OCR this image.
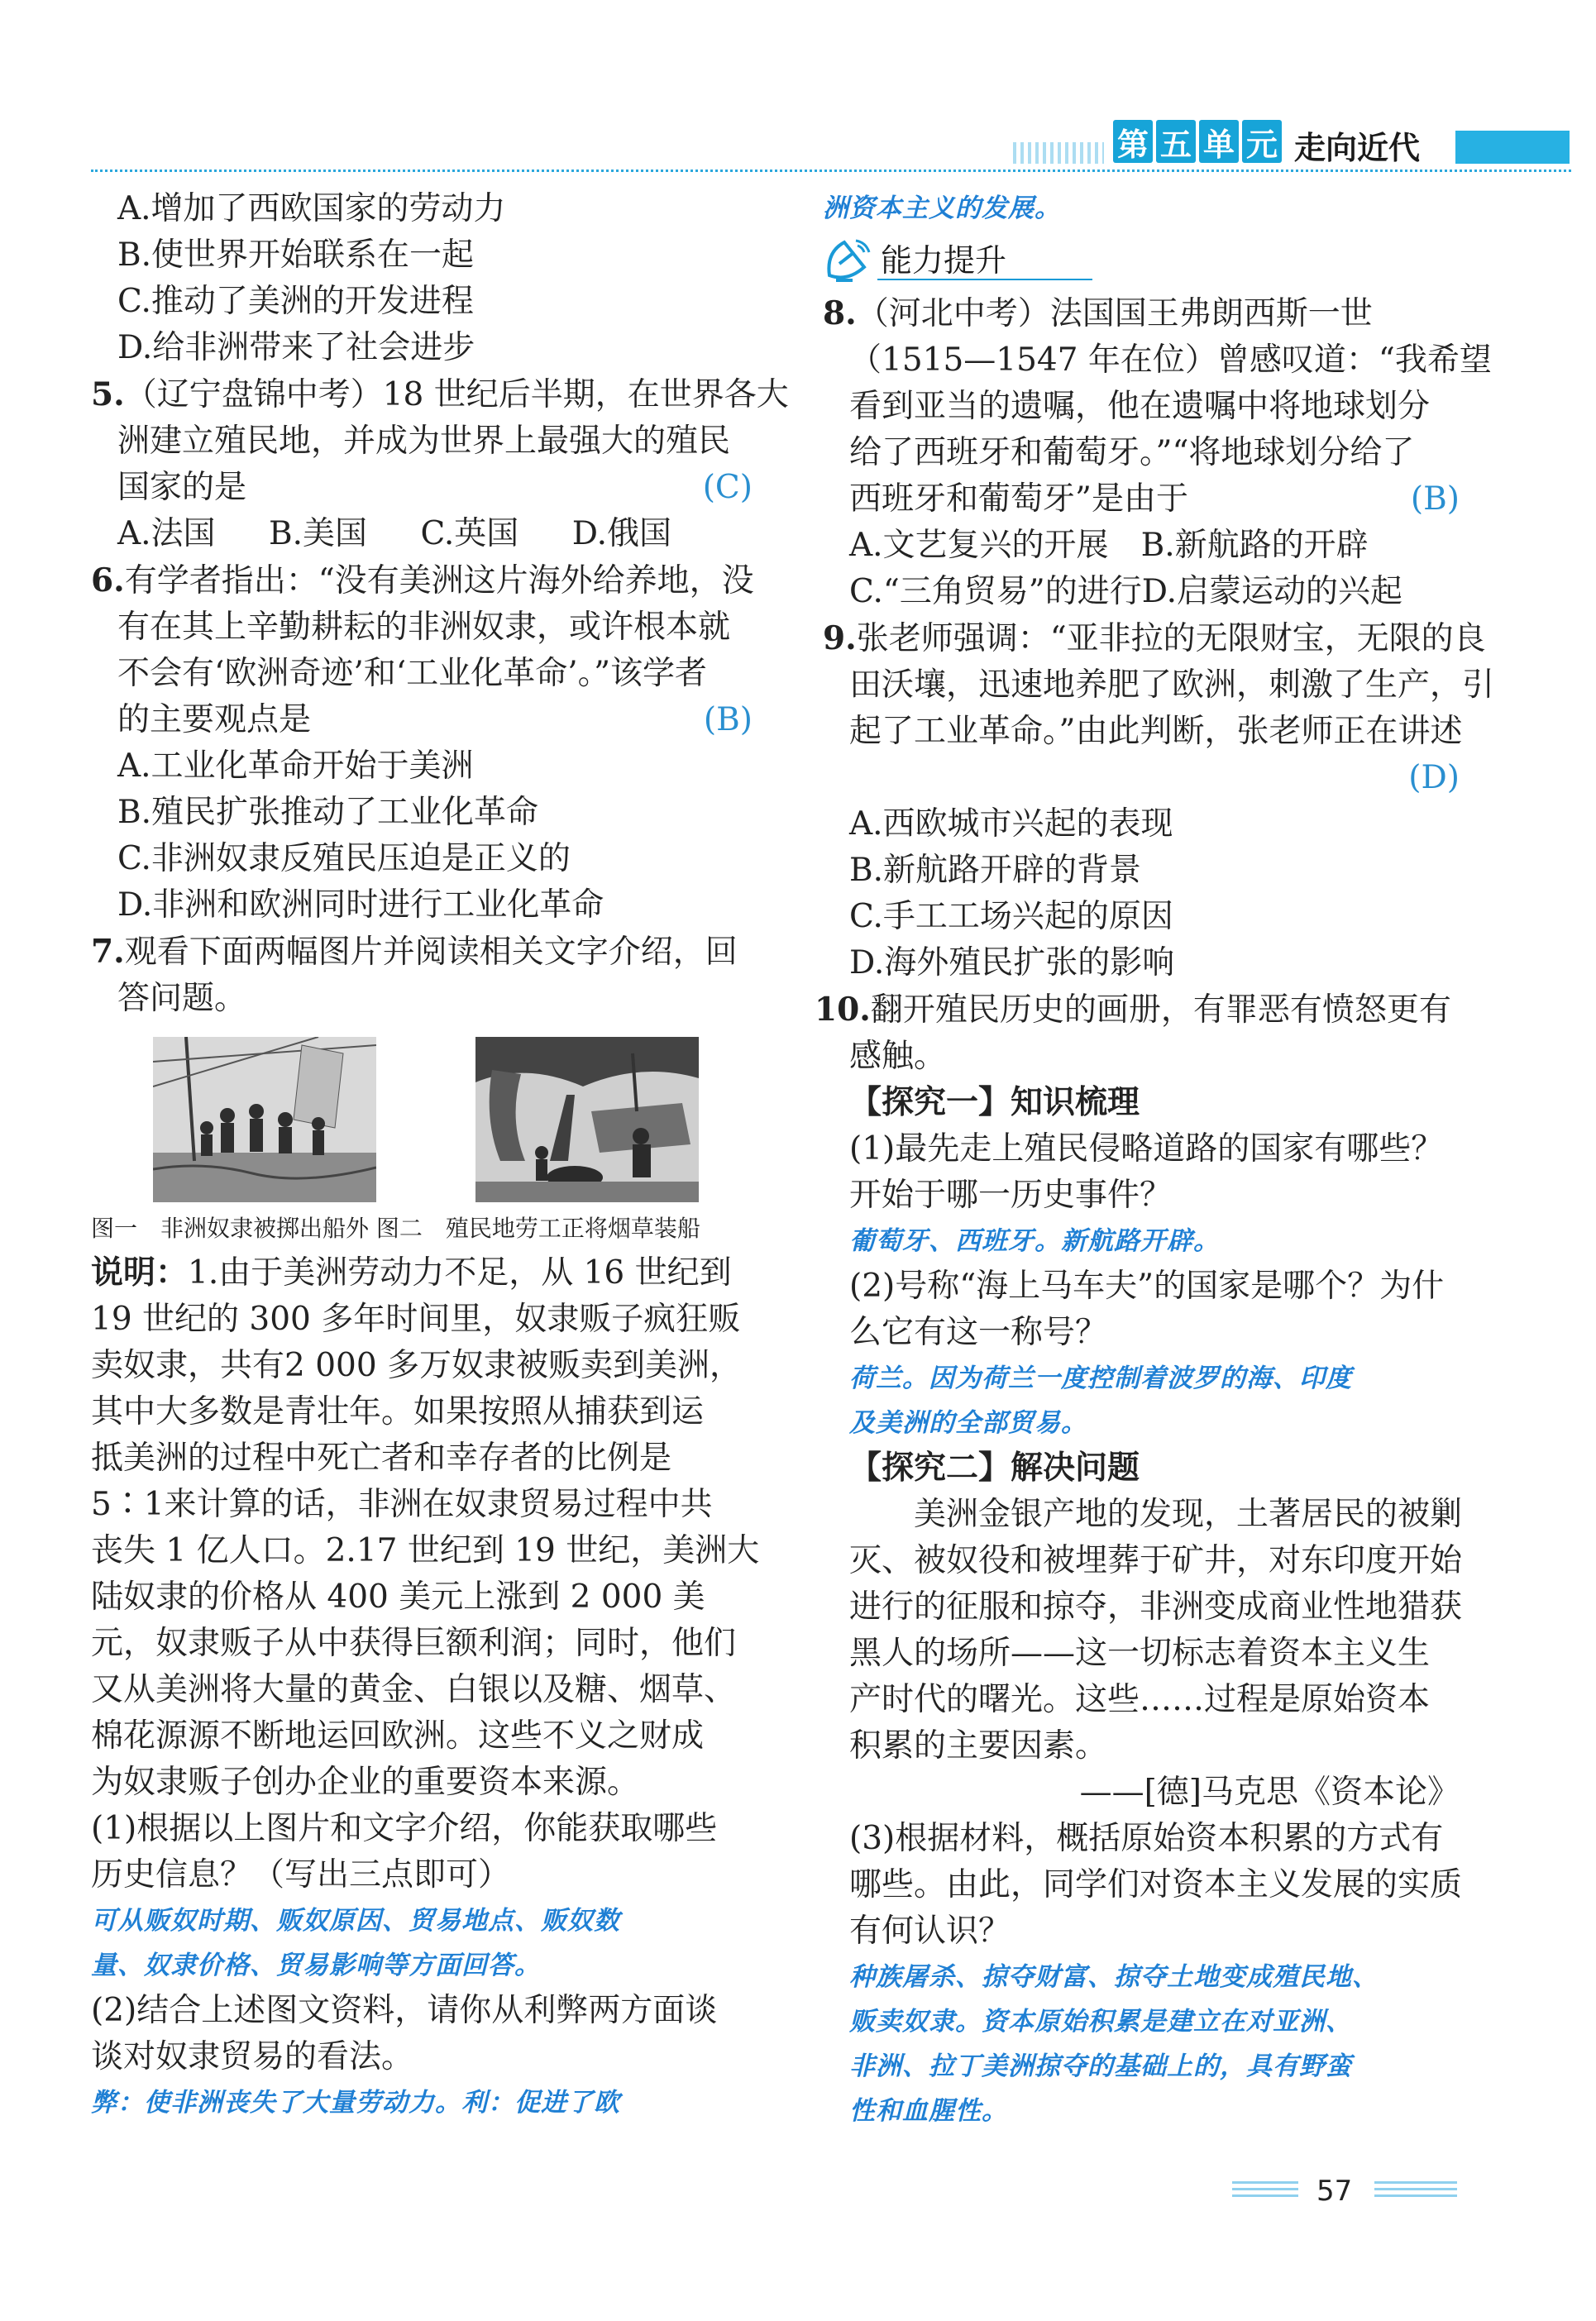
第 五 单 元 走向近代
A.增加了西欧国家的劳动力
B.使世界开始联系在一起
C.推动了美洲的开发进程
D.给非洲带来了社会进步
5.（辽宁盘锦中考）18 世纪后半期，在世界各大
洲建立殖民地，并成为世界上最强大的殖民
国家的是	(C)
A.法国 B.美国 C.英国 D.俄国
6.有学者指出：“没有美洲这片海外给养地，没
有在其上辛勤耕耘的非洲奴隶，或许根本就
不会有‘欧洲奇迹’和‘工业化革命’。”该学者
的主要观点是	(B)
A.工业化革命开始于美洲
B.殖民扩张推动了工业化革命
C.非洲奴隶反殖民压迫是正义的
D.非洲和欧洲同时进行工业化革命
7.观看下面两幅图片并阅读相关文字介绍，回
答问题。
图一　非洲奴隶被掷出船外 图二　殖民地劳工正将烟草装船
说明：1.由于美洲劳动力不足，从 16 世纪到
19 世纪的 300 多年时间里，奴隶贩子疯狂贩
卖奴隶，共有2 000 多万奴隶被贩卖到美洲，
其中大多数是青壮年。如果按照从捕获到运
抵美洲的过程中死亡者和幸存者的比例是
5∶1来计算的话，非洲在奴隶贸易过程中共
丧失 1 亿人口。2.17 世纪到 19 世纪，美洲大
陆奴隶的价格从 400 美元上涨到 2 000 美
元，奴隶贩子从中获得巨额利润；同时，他们
又从美洲将大量的黄金、白银以及糖、烟草、
棉花源源不断地运回欧洲。这些不义之财成
为奴隶贩子创办企业的重要资本来源。
(1)根据以上图片和文字介绍，你能获取哪些
历史信息？（写出三点即可）
可从贩奴时期、贩奴原因、贸易地点、贩奴数
量、奴隶价格、贸易影响等方面回答。
(2)结合上述图文资料，请你从利弊两方面谈
谈对奴隶贸易的看法。
弊：使非洲丧失了大量劳动力。利：促进了欧
洲资本主义的发展。
能力提升
8.（河北中考）法国国王弗朗西斯一世
（1515—1547 年在位）曾感叹道：“我希望
看到亚当的遗嘱，他在遗嘱中将地球划分
给了西班牙和葡萄牙。”“将地球划分给了
西班牙和葡萄牙”是由于	(B)
A.文艺复兴的开展　 B.新航路的开辟
C.“三角贸易”的进行D.启蒙运动的兴起
9.张老师强调：“亚非拉的无限财宝，无限的良
田沃壤，迅速地养肥了欧洲，刺激了生产，引
起了工业革命。”由此判断，张老师正在讲述
(D)
A.西欧城市兴起的表现
B.新航路开辟的背景
C.手工工场兴起的原因
D.海外殖民扩张的影响
10.翻开殖民历史的画册，有罪恶有愤怒更有
感触。
【探究一】知识梳理
(1)最先走上殖民侵略道路的国家有哪些？
开始于哪一历史事件？
葡萄牙、西班牙。新航路开辟。
(2)号称“海上马车夫”的国家是哪个？为什
么它有这一称号？
荷兰。因为荷兰一度控制着波罗的海、印度
及美洲的全部贸易。
【探究二】解决问题
　　美洲金银产地的发现，土著居民的被剿
灭、被奴役和被埋葬于矿井，对东印度开始
进行的征服和掠夺，非洲变成商业性地猎获
黑人的场所——这一切标志着资本主义生
产时代的曙光。这些……过程是原始资本
积累的主要因素。
——[德]马克思《资本论》
(3)根据材料，概括原始资本积累的方式有
哪些。由此，同学们对资本主义发展的实质
有何认识？
种族屠杀、掠夺财富、掠夺土地变成殖民地、
贩卖奴隶。资本原始积累是建立在对亚洲、
非洲、拉丁美洲掠夺的基础上的，具有野蛮
性和血腥性。
57
